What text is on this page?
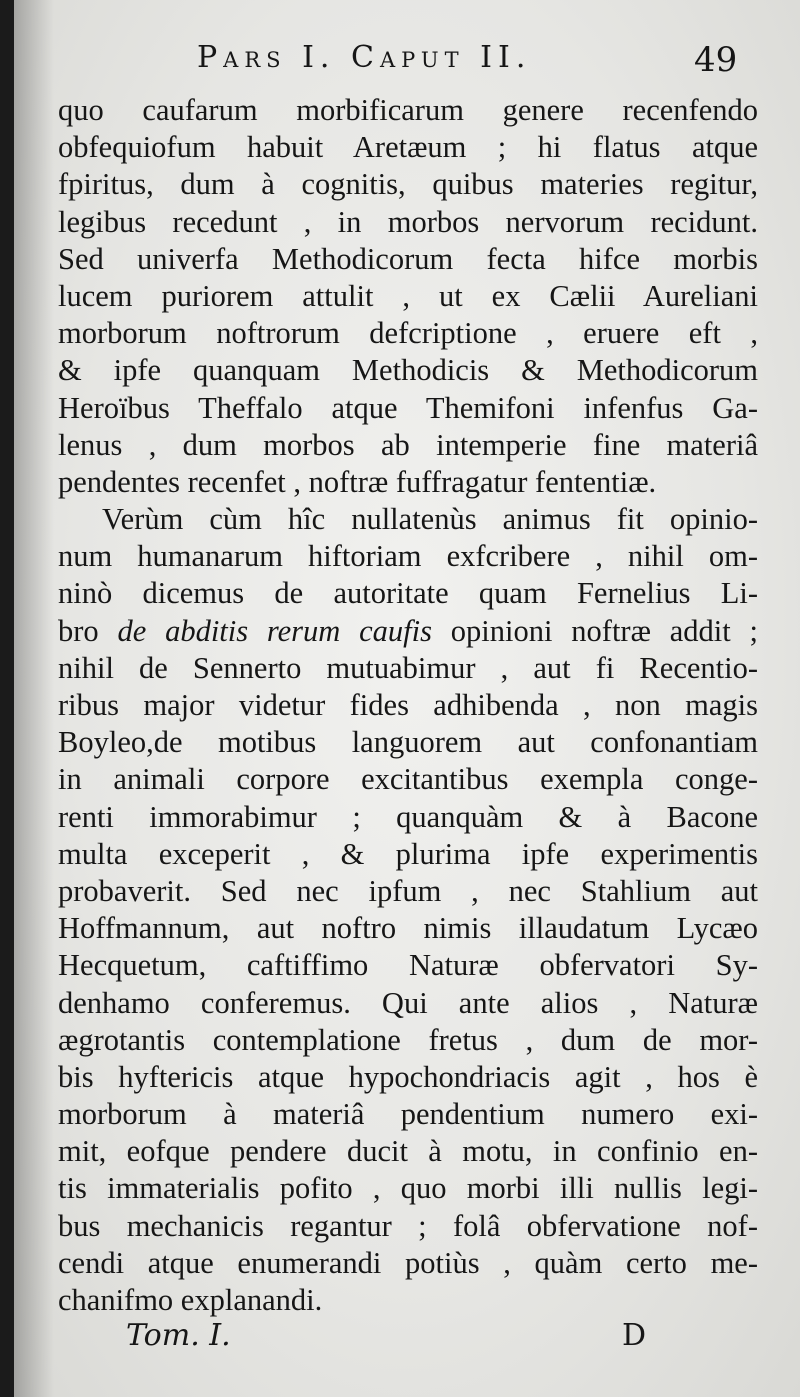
Pars I. Caput II.	49
quo caufarum morbificarum genere recenfendo
obfequiofum habuit Aretæum ; hi flatus atque
fpiritus, dum à cognitis, quibus materies regitur,
legibus recedunt , in morbos nervorum recidunt.
Sed univerfa Methodicorum fecta hifce morbis
lucem puriorem attulit , ut ex Cælii Aureliani
morborum noftrorum defcriptione , eruere eft ,
& ipfe quanquam Methodicis & Methodicorum
Heroïbus Theffalo atque Themifoni infenfus Ga-
lenus , dum morbos ab intemperie fine materiâ
pendentes recenfet , noftræ fuffragatur fententiæ.
Verùm cùm hîc nullatenùs animus fit opinio-
num humanarum hiftoriam exfcribere , nihil om-
ninò dicemus de autoritate quam Fernelius Li-
bro de abditis rerum caufis opinioni noftræ addit ;
nihil de Sennerto mutuabimur , aut fi Recentio-
ribus major videtur fides adhibenda , non magis
Boyleo,de motibus languorem aut confonantiam
in animali corpore excitantibus exempla conge-
renti immorabimur ; quanquàm & à Bacone
multa exceperit , & plurima ipfe experimentis
probaverit. Sed nec ipfum , nec Stahlium aut
Hoffmannum, aut noftro nimis illaudatum Lycæo
Hecquetum, caftiffimo Naturæ obfervatori Sy-
denhamo conferemus. Qui ante alios , Naturæ
ægrotantis contemplatione fretus , dum de mor-
bis hyftericis atque hypochondriacis agit , hos è
morborum à materiâ pendentium numero exi-
mit, eofque pendere ducit à motu, in confinio en-
tis immaterialis pofito , quo morbi illi nullis legi-
bus mechanicis regantur ; folâ obfervatione nof-
cendi atque enumerandi potiùs , quàm certo me-
chanifmo explanandi.
Tom. I.	D
